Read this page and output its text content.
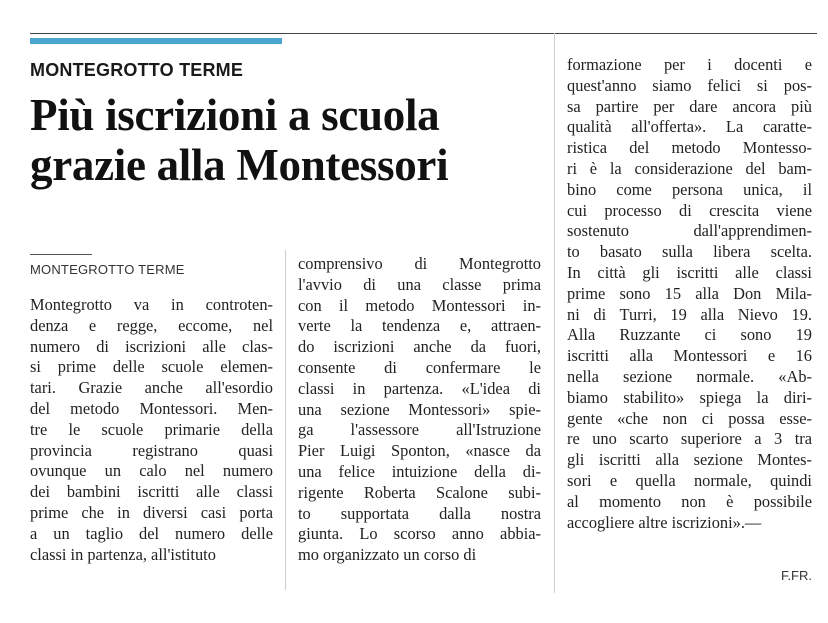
MONTEGROTTO TERME

Più iscrizioni a scuola
grazie alla Montessori

MONTEGROTTO TERME

Montegrotto va in controten-
denza e regge, eccome, nel
numero di iscrizioni alle clas-
si prime delle scuole elemen-
tari. Grazie anche all'esordio
del metodo Montessori. Men-
tre le scuole primarie della
provincia registrano quasi
ovunque un calo nel numero
dei bambini iscritti alle classi
prime che in diversi casi porta
a un taglio del numero delle
classi in partenza, all'istituto
comprensivo di Montegrotto
l'avvio di una classe prima
con il metodo Montessori in-
verte la tendenza e, attraen-
do iscrizioni anche da fuori,
consente di confermare le
classi in partenza. «L'idea di
una sezione Montessori» spie-
ga l'assessore all'Istruzione
Pier Luigi Sponton, «nasce da
una felice intuizione della di-
rigente Roberta Scalone subi-
to supportata dalla nostra
giunta. Lo scorso anno abbia-
mo organizzato un corso di
formazione per i docenti e
quest'anno siamo felici si pos-
sa partire per dare ancora più
qualità all'offerta». La caratte-
ristica del metodo Montesso-
ri è la considerazione del bam-
bino come persona unica, il
cui processo di crescita viene
sostenuto dall'apprendimen-
to basato sulla libera scelta.
In città gli iscritti alle classi
prime sono 15 alla Don Mila-
ni di Turri, 19 alla Nievo 19.
Alla Ruzzante ci sono 19
iscritti alla Montessori e 16
nella sezione normale. «Ab-
biamo stabilito» spiega la diri-
gente «che non ci possa esse-
re uno scarto superiore a 3 tra
gli iscritti alla sezione Montes-
sori e quella normale, quindi
al momento non è possibile
accogliere altre iscrizioni».—

F.FR.
